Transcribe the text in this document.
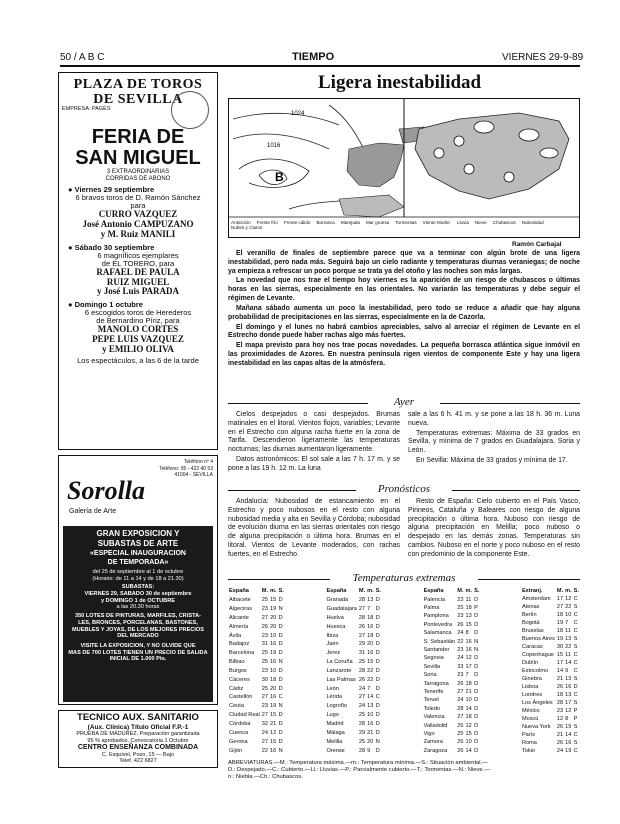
50 / A B C	TIEMPO	VIERNES 29-9-89
PLAZA DE TOROS
DE SEVILLA
EMPRESA: PAGÉS
FERIA DE
SAN MIGUEL
3 EXTRAORDINARIAS
CORRIDAS DE ABONO
● Viernes 29 septiembre
6 bravos toros de D. Ramón Sánchez
para
CURRO VAZQUEZ
José Antonio CAMPUZANO
y M. Ruiz MANILI
● Sábado 30 septiembre
6 magníficos ejemplares
de EL TORERO, para
RAFAEL DE PAULA
RUIZ MIGUEL
y José Luis PARADA
● Domingo 1 octubre
6 escogidos toros de Herederos
de Bernardino Píriz, para
MANOLO CORTES
PEPE LUIS VAZQUEZ
y EMILIO OLIVA
Los espectáculos, a las 6 de la tarde
Teléfono nº 4
Teléfono: 95 - 422 40 53
41004 - SEVILLA
Sorolla
Galería de Arte
GRAN EXPOSICION Y
SUBASTAS DE ARTE
«ESPECIAL INAUGURACION
DE TEMPORADA»
del 25 de septiembre al 1 de octubre
(Horario: de 11 a 14 y de 18 a 21.30)
SUBASTAS:
VIERNES 29, SABADO 30 de septiembre
y DOMINGO 1 de OCTUBRE
a las 20.30 horas
350 LOTES DE PINTURAS, MARFILES, CRISTA-
LES, BRONCES, PORCELANAS, BASTONES,
MUEBLES Y JOYAS, DE LOS MEJORES PRECIOS
DEL MERCADO
VISITE LA EXPOSICION, Y NO OLVIDE QUE
MAS DE 700 LOTES TIENEN UN PRECIO DE SALIDA
INICIAL DE 1.000 Pts.
TECNICO AUX. SANITARIO
(Aux. Clínica) Título Oficial F.P.-1
PRUEBA DE MADUREZ. Preparación garantizada
95 % aprobados. Convocatoria 1 Octubre
CENTRO ENSEÑANZA COMBINADA
C. Esquivel, Pozo, 15 — Bajo
Telef. 422 6827
Ligera inestabilidad
B
1024
1016
Anticiclón Frente frío Frente cálido Borrasca Marejada Mar gruesa Tormentas Viento Moder. Lluvia Nieve Chubascos Nubosidad
Nubes y Claros
Ramón Carbajal

El veranillo de finales de septiembre parece que va a terminar con algún brote de una ligera inestabilidad, pero nada más. Seguirá bajo un cielo radiante y temperaturas diurnas veraniegas; de noche ya empieza a refrescar un poco porque se trata ya del otoño y las noches son más largas.

La novedad que nos trae el tiempo hoy viernes es la aparición de un riesgo de chubascos o últimas horas en las sierras, especialmente en las orientales. No variarán las temperaturas y debe seguir el régimen de Levante.

Mañana sábado aumenta un poco la inestabilidad, pero todo se reduce a añadir que hay alguna probabilidad de precipitaciones en las sierras, especialmente en la de Cazorla.

El domingo y el lunes no habrá cambios apreciables, salvo al arreciar el régimen de Levante en el Estrecho donde puede haber rachas algo más fuertes.

El mapa previsto para hoy nos trae pocas novedades. La pequeña borrasca atlántica sigue inmóvil en las proximidades de Azores. En nuestra península rigen vientos de componente Este y hay una ligera inestabilidad en las capas altas de la atmósfera.

Ayer

Cielos despejados o casi despejados. Brumas matinales en el litoral. Vientos flojos, variables; Levante en el Estrecho con alguna racha fuerte en la zona de Tarifa. Descendieron ligeramente las temperaturas nocturnas; las diurnas aumentaron ligeramente.

Datos astronómicos: El sol sale a las 7 h. 17 m. y se pone a las 19 h. 12 m. La luna

sale a las 6 h. 41 m. y se pone a las 18 h. 36 m. Luna nueva.

Temperaturas extremas: Máxima de 33 grados en Sevilla, y mínima de 7 grados en Guadalajara, Soria y León.

En Sevilla: Máxima de 33 grados y mínima de 17.

Pronósticos

Andalucía: Nubosidad de estancamiento en el Estrecho y poco nubosos en el resto con alguna nubosidad media y alta en Sevilla y Córdoba; nubosidad de evolución diurna en las sierras orientales con riesgo de alguna precipitación o última hora. Brumas en el litoral. Vientos de Levante moderados, con rachas fuertes, en el Estrecho.

Resto de España: Cielo cubierto en el País Vasco, Pirineos, Cataluña y Baleares con riesgo de alguna precipitación o última hora. Nuboso con riesgo de alguna precipitación en Melilla; poco nuboso o despejado en las demás zonas. Temperaturas sin cambios. Nuboso en el norte y poco nuboso en el resto con predominio de la componente Este.

Temperaturas extremas
España	M.	m.	S.
Albacete	25	15	D
Algeciras	23	19	N
Alicante	27	20	D
Almería	26	20	D
Ávila	23	10	D
Badajoz	31	16	D
Barcelona	25	19	D
Bilbao	25	16	N
Burgos	23	10	D
Cáceres	30	18	D
Cádiz	25	20	D
Castellón	27	16	C
Ceuta	23	19	N
Ciudad Real	27	15	D
Córdoba	32	21	D
Cuenca	24	12	D
Gerona	27	15	D
Gijón	22	16	N
España	M.	m.	S.
Granada	28	13	D
Guadalajara	27	7	D
Huelva	28	18	D
Huesca	26	16	D
Ibiza	27	18	D
Jaén	29	20	D
Jerez	31	16	D
La Coruña	25	15	D
Lanzarote	28	22	D
Las Palmas	26	22	D
León	24	7	D
Lérida	27	14	C
Logroño	24	13	D
Lugo	25	10	D
Madrid	28	16	D
Málaga	29	21	D
Melilla	25	20	N
Orense	28	9	D
España	M.	m.	S.
Palencia	23	11	D
Palma	25	18	P
Pamplona	23	13	D
Pontevedra	26	15	D
Salamanca	24	8	D
S. Sebastián	22	16	N
Santander	23	16	N
Segovia	24	12	D
Sevilla	33	17	D
Soria	23	7	D
Tarragona	26	18	D
Tenerife	27	21	D
Teruel	24	10	D
Toledo	28	14	D
Valencia	27	18	D
Valladolid	26	12	D
Vigo	25	15	D
Zamora	26	10	D
Zaragoza	26	14	D
Extranj.	M.	m.	S.
Amsterdam	17	12	C
Atenas	27	22	S
Berlín	18	10	C
Bogotá	19	7	C
Bruselas	18	11	C
Buenos Aires	19	13	S
Caracas	30	22	S
Copenhague	15	11	C
Dublín	17	14	C
Estocolmo	14	9	C
Ginebra	21	13	S
Lisboa	26	16	D
Londres	18	13	C
Los Ángeles	28	17	S
México	23	12	P
Moscú	12	8	P
Nueva York	26	19	S
París	21	14	C
Roma	26	16	S
Tokio	24	19	C
ABREVIATURAS.—M.: Temperatura máxima.—m.: Temperatura mínima.—S.: Situación ambiental.—
D.: Despejado.—C.: Cubierto.—Ll.: Lluvias.—P.: Parcialmente cubierto.—T.: Tormentas.—N.: Nieve.—
n.: Niebla.—Ch.: Chubascos.
